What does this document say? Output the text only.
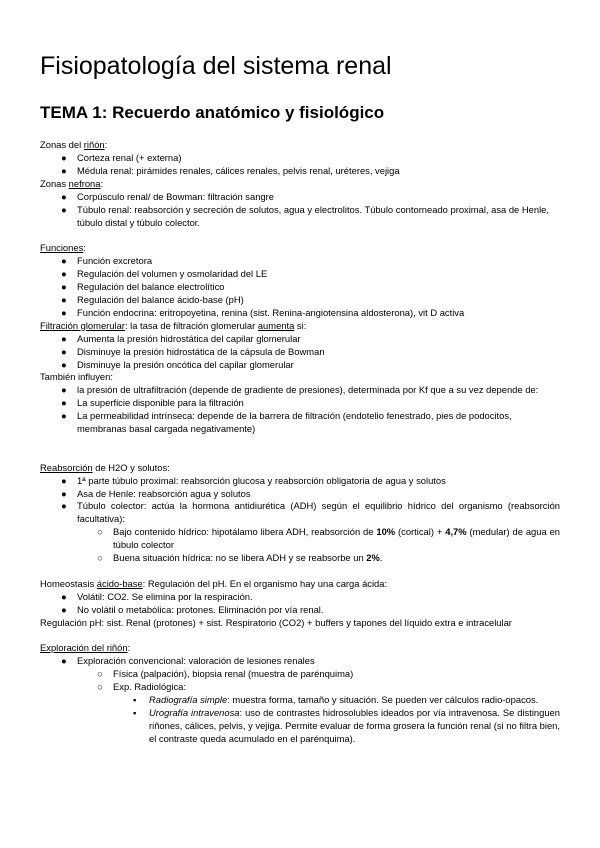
Fisiopatología del sistema renal
TEMA 1: Recuerdo anatómico y fisiológico
Zonas del riñón:
●	Corteza renal (+ externa)
●	Médula renal: pirámides renales, cálices renales, pelvis renal, uréteres, vejiga
Zonas nefrona:
●	Corpúsculo renal/ de Bowman: filtración sangre
●	Túbulo renal: reabsorción y secreción de solutos, agua y electrolitos. Túbulo contorneado proximal, asa de Henle, túbulo distal y túbulo colector.
Funciones:
●	Función excretora
●	Regulación del volumen y osmolaridad del LE
●	Regulación del balance electrolítico
●	Regulación del balance ácido-base (pH)
●	Función endocrina: eritropoyetina, renina (sist. Renina-angiotensina aldosterona), vit D activa
Filtración glomerular: la tasa de filtración glomerular aumenta si:
●	Aumenta la presión hidrostática del capilar glomerular
●	Disminuye la presión hidrostática de la cápsula de Bowman
●	Disminuye la presión oncótica del capilar glomerular
También influyen:
●	la presión de ultrafiltración (depende de gradiente de presiones), determinada por Kf que a su vez depende de:
●	La superficie disponible para la filtración
●	La permeabilidad intrínseca: depende de la barrera de filtración (endotelio fenestrado, pies de podocitos, membranas basal cargada negativamente)
Reabsorción de H2O y solutos:
●	1ª parte túbulo proximal: reabsorción glucosa y reabsorción obligatoria de agua y solutos
●	Asa de Henle: reabsorción agua y solutos
●	Túbulo colector: actúa la hormona antidiurética (ADH) según el equilibrio hídrico del organismo (reabsorción facultativa):
○	Bajo contenido hídrico: hipotálamo libera ADH, reabsorción de 10% (cortical) + 4,7% (medular) de agua en túbulo colector
○	Buena situación hídrica: no se libera ADH y se reabsorbe un 2%.
Homeostasis ácido-base: Regulación del pH. En el organismo hay una carga ácida:
●	Volátil: CO2. Se elimina por la respiración.
●	No volátil o metabólica: protones. Eliminación por vía renal.
Regulación pH: sist. Renal (protones) + sist. Respiratorio (CO2) + buffers y tapones del líquido extra e intracelular
Exploración del riñón:
●	Exploración convencional: valoración de lesiones renales
○	Física (palpación), biopsia renal (muestra de parénquima)
○	Exp. Radiológica:
▪	Radiografía simple: muestra forma, tamaño y situación. Se pueden ver cálculos radio-opacos.
▪	Urografía intravenosa: uso de contrastes hidrosolubles ideados por vía intravenosa. Se distinguen riñones, cálices, pelvis, y vejiga. Permite evaluar de forma grosera la función renal (si no filtra bien, el contraste queda acumulado en el parénquima).
